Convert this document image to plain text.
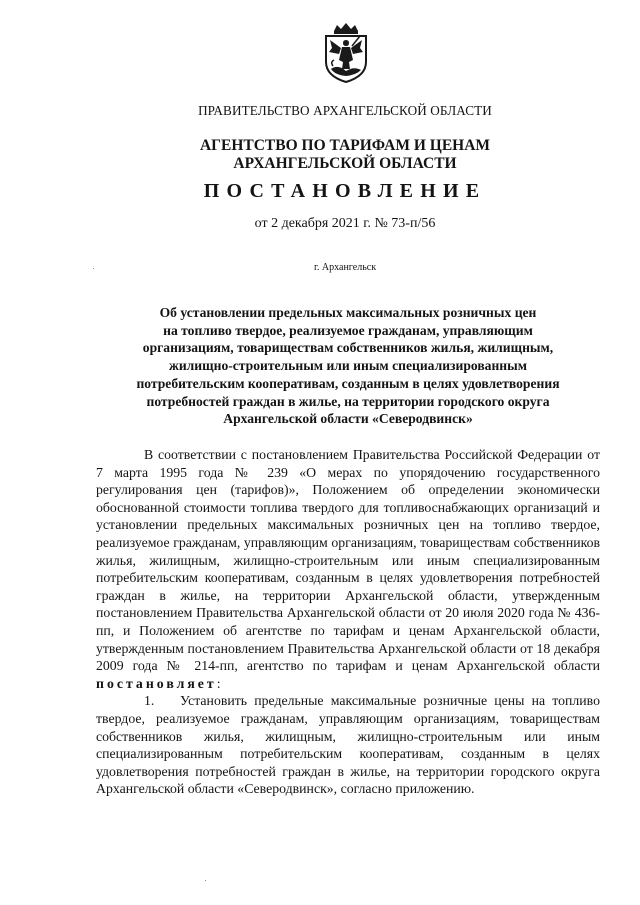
ПРАВИТЕЛЬСТВО АРХАНГЕЛЬСКОЙ ОБЛАСТИ
АГЕНТСТВО ПО ТАРИФАМ И ЦЕНАМ
АРХАНГЕЛЬСКОЙ ОБЛАСТИ
ПОСТАНОВЛЕНИЕ
от 2 декабря 2021 г. № 73-п/56
г. Архангельск
Об установлении предельных максимальных розничных цен
на топливо твердое, реализуемое гражданам, управляющим
организациям, товариществам собственников жилья, жилищным,
жилищно-строительным или иным специализированным
потребительским кооперативам, созданным в целях удовлетворения
потребностей граждан в жилье, на территории городского округа
Архангельской области «Северодвинск»

В соответствии с постановлением Правительства Российской Федерации от 7 марта 1995 года № 239 «О мерах по упорядочению государственного регулирования цен (тарифов)», Положением об определении экономически обоснованной стоимости топлива твердого для топливоснабжающих организаций и установлении предельных максимальных розничных цен на топливо твердое, реализуемое гражданам, управляющим организациям, товариществам собственников жилья, жилищным, жилищно-строительным или иным специализированным потребительским кооперативам, созданным в целях удовлетворения потребностей граждан в жилье, на территории Архангельской области, утвержденным постановлением Правительства Архангельской области от 20 июля 2020 года № 436-пп, и Положением об агентстве по тарифам и ценам Архангельской области, утвержденным постановлением Правительства Архангельской области от 18 декабря 2009 года № 214-пп, агентство по тарифам и ценам Архангельской области постановляет:

1. Установить предельные максимальные розничные цены на топливо твердое, реализуемое гражданам, управляющим организациям, товариществам собственников жилья, жилищным, жилищно-строительным или иным специализированным потребительским кооперативам, созданным в целях удовлетворения потребностей граждан в жилье, на территории городского округа Архангельской области «Северодвинск», согласно приложению.
